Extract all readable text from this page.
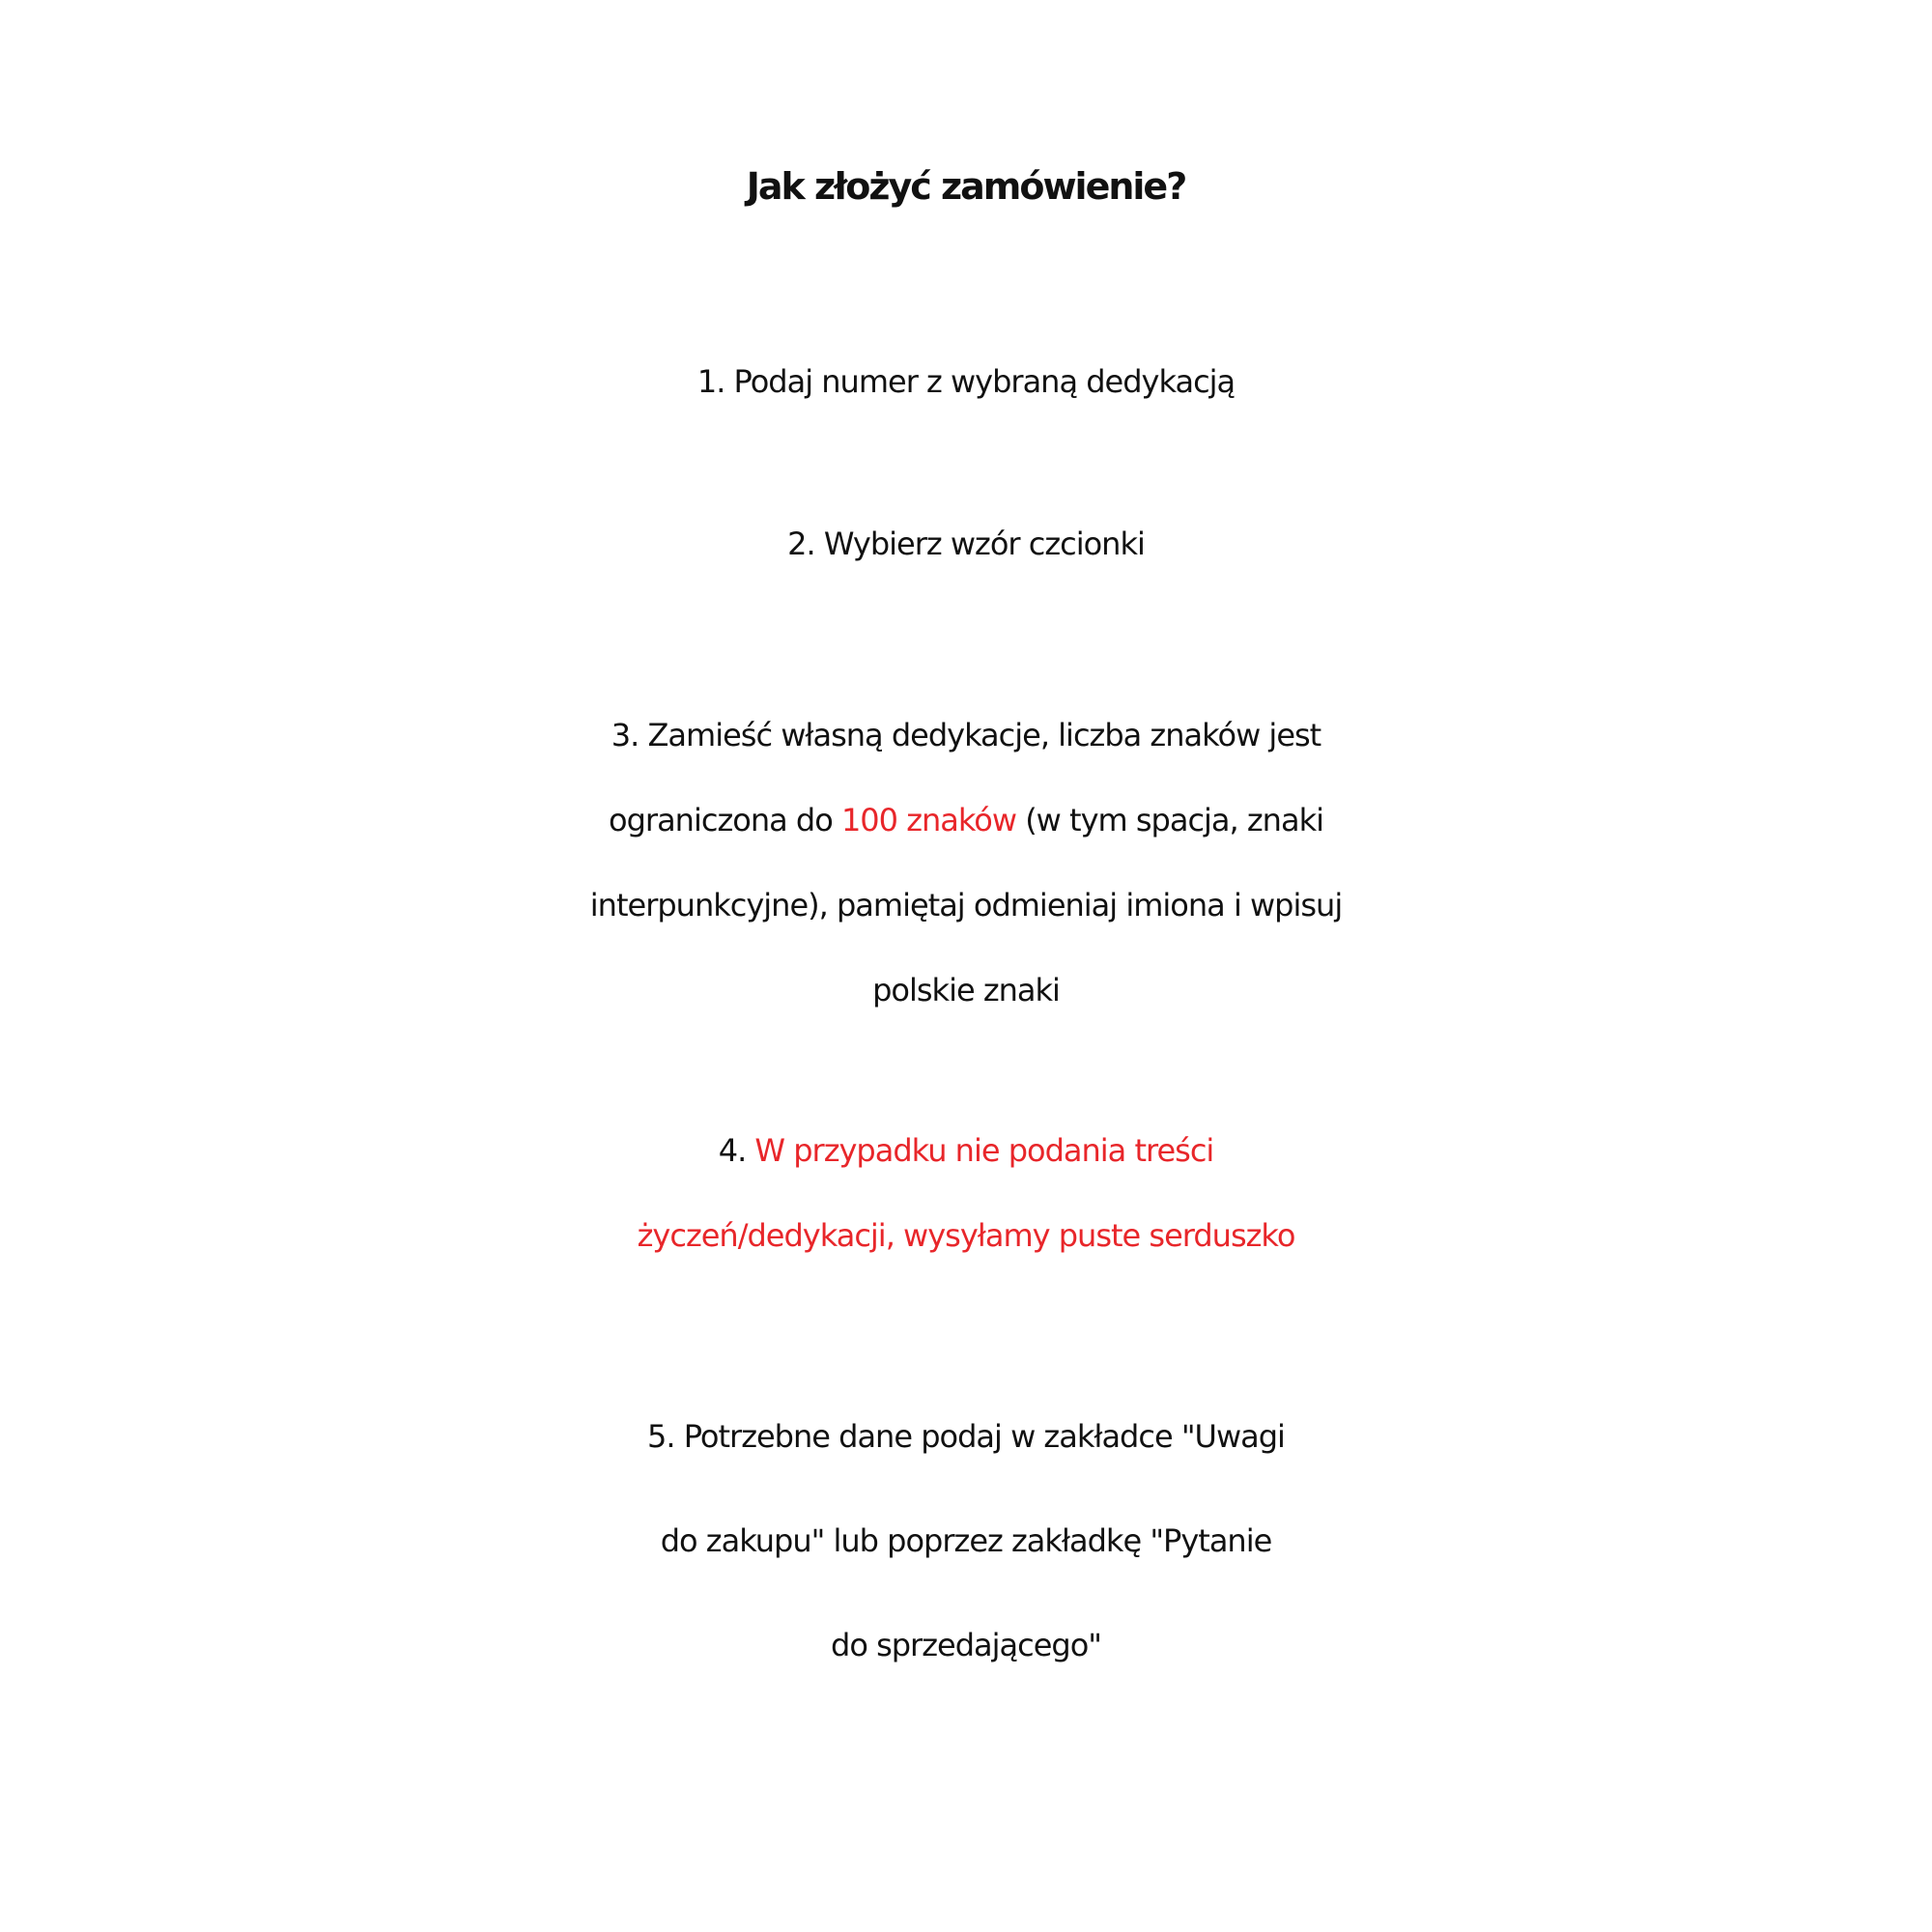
Jak złożyć zamówienie?
1. Podaj numer z wybraną dedykacją
2. Wybierz wzór czcionki
3. Zamieść własną dedykacje, liczba znaków jest
ograniczona do 100 znaków (w tym spacja, znaki
interpunkcyjne), pamiętaj odmieniaj imiona i wpisuj
polskie znaki
4. W przypadku nie podania treści
życzeń/dedykacji, wysyłamy puste serduszko
5. Potrzebne dane podaj w zakładce "Uwagi
do zakupu" lub poprzez zakładkę "Pytanie
do sprzedającego"
